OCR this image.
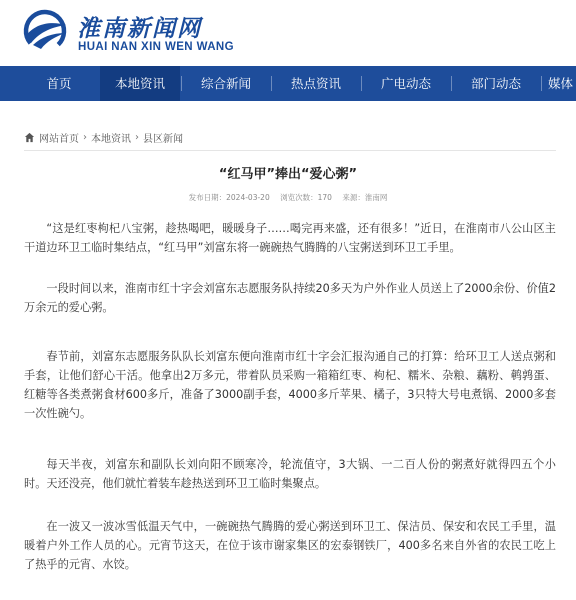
淮南新闻网
HUAI NAN XIN WEN WANG
首页	本地资讯	综合新闻	热点资讯	广电动态	部门动态	媒体
网站首页 › 本地资讯 › 县区新闻
“红马甲”捧出“爱心粥”
发布日期：2024-03-20 浏览次数：170 来源：淮南网
“这是红枣枸杞八宝粥，趁热喝吧，暖暖身子……喝完再来盛，还有很多！”近日，在淮南市八公山区主干道边环卫工临时集结点，“红马甲”刘富东将一碗碗热气腾腾的八宝粥送到环卫工手里。
一段时间以来，淮南市红十字会刘富东志愿服务队持续20多天为户外作业人员送上了2000余份、价值2万余元的爱心粥。
春节前，刘富东志愿服务队队长刘富东便向淮南市红十字会汇报沟通自己的打算：给环卫工人送点粥和手套，让他们舒心干活。他拿出2万多元，带着队员采购一箱箱红枣、枸杞、糯米、杂粮、藕粉、鹌鹑蛋、红糖等各类煮粥食材600多斤，准备了3000副手套，4000多斤苹果、橘子，3只特大号电煮锅、2000多套一次性碗勺。
每天半夜，刘富东和副队长刘向阳不顾寒冷，轮流值守，3大锅、一二百人份的粥煮好就得四五个小时。天还没亮，他们就忙着装车趁热送到环卫工临时集聚点。
在一波又一波冰雪低温天气中，一碗碗热气腾腾的爱心粥送到环卫工、保洁员、保安和农民工手里，温暖着户外工作人员的心。元宵节这天，在位于该市谢家集区的宏泰钢铁厂，400多名来自外省的农民工吃上了热乎的元宵、水饺。
